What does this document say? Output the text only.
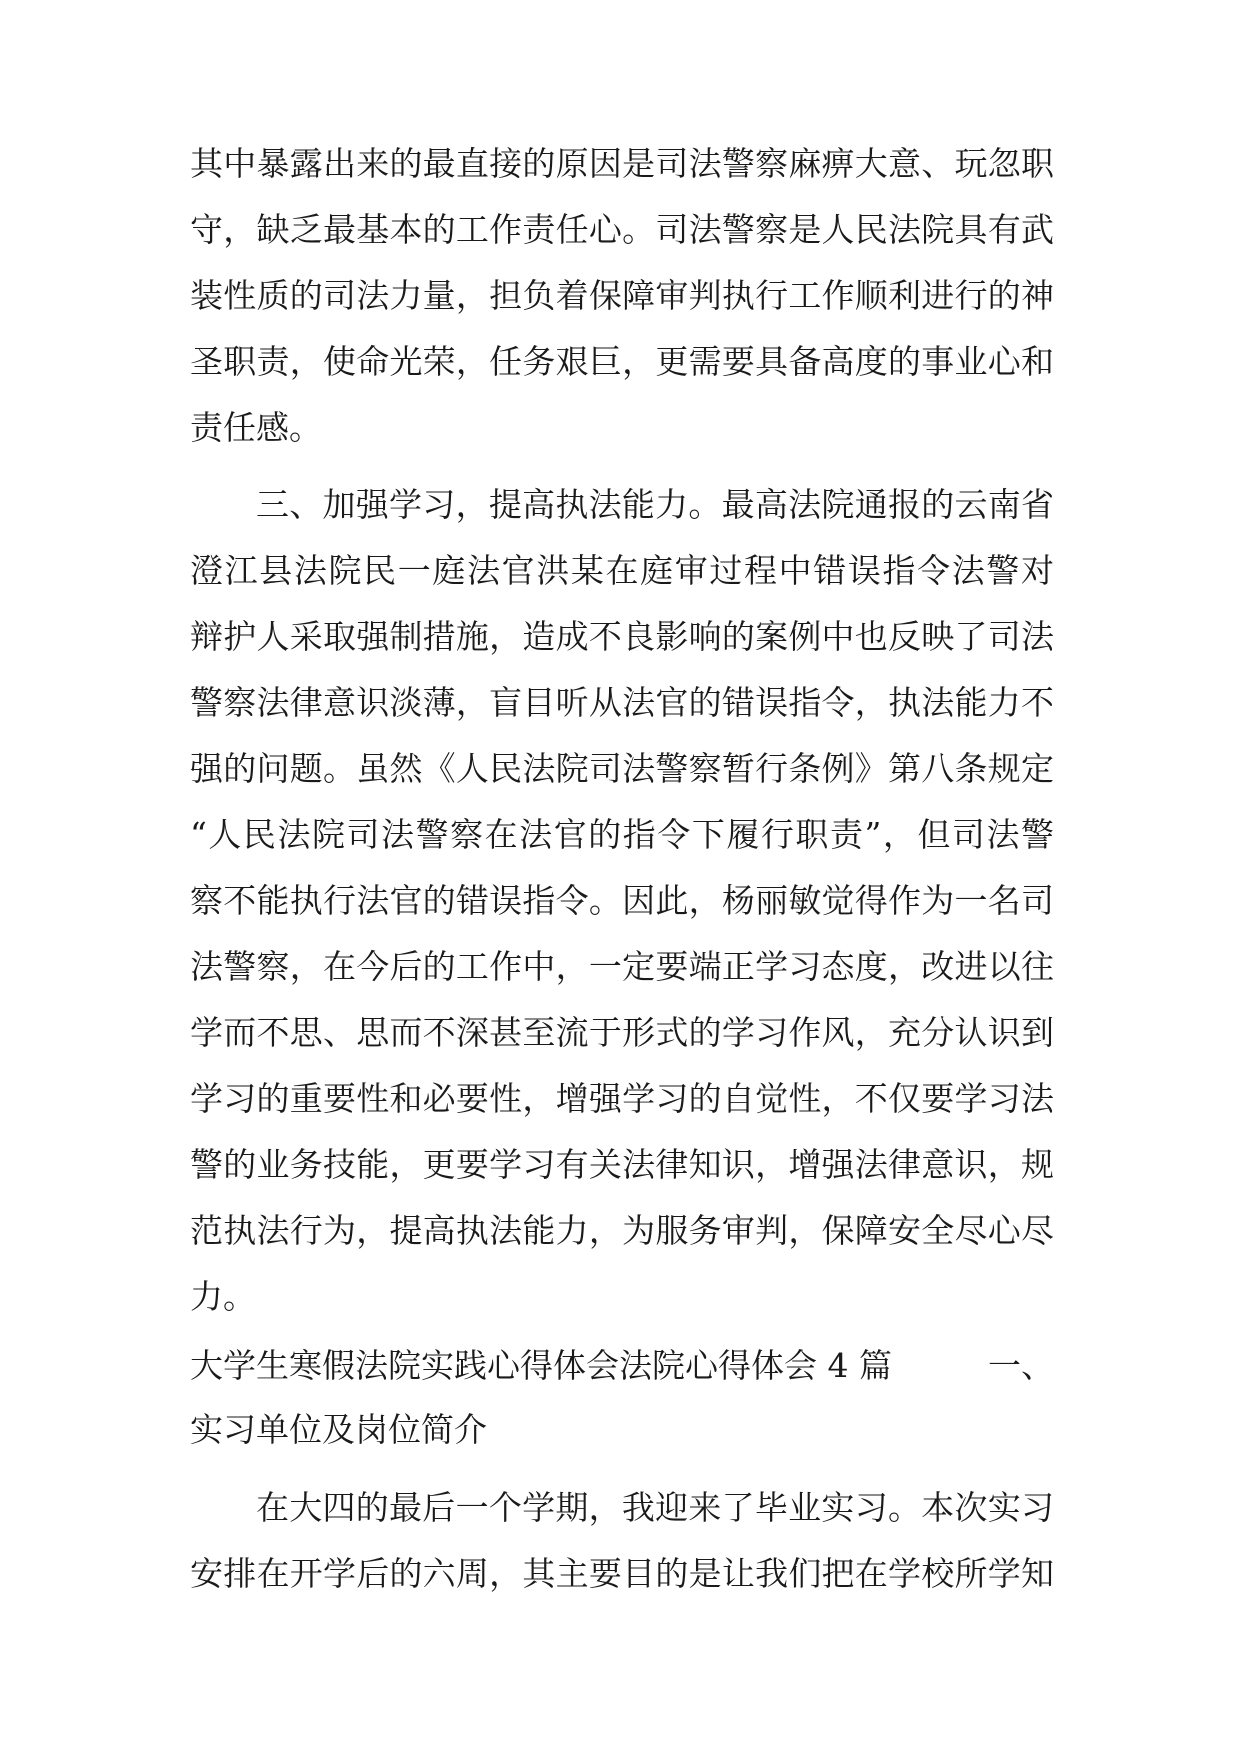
其中暴露出来的最直接的原因是司法警察麻痹大意、玩忽职
守，缺乏最基本的工作责任心。司法警察是人民法院具有武
装性质的司法力量，担负着保障审判执行工作顺利进行的神
圣职责，使命光荣，任务艰巨，更需要具备高度的事业心和
责任感。
三、加强学习，提高执法能力。最高法院通报的云南省
澄江县法院民一庭法官洪某在庭审过程中错误指令法警对
辩护人采取强制措施，造成不良影响的案例中也反映了司法
警察法律意识淡薄，盲目听从法官的错误指令，执法能力不
强的问题。虽然《人民法院司法警察暂行条例》第八条规定
“人民法院司法警察在法官的指令下履行职责”，但司法警
察不能执行法官的错误指令。因此，杨丽敏觉得作为一名司
法警察，在今后的工作中，一定要端正学习态度，改进以往
学而不思、思而不深甚至流于形式的学习作风，充分认识到
学习的重要性和必要性，增强学习的自觉性，不仅要学习法
警的业务技能，更要学习有关法律知识，增强法律意识，规
范执法行为，提高执法能力，为服务审判，保障安全尽心尽
力。
大学生寒假法院实践心得体会法院心得体会 4 篇	一、
实习单位及岗位简介
在大四的最后一个学期，我迎来了毕业实习。本次实习
安排在开学后的六周，其主要目的是让我们把在学校所学知
